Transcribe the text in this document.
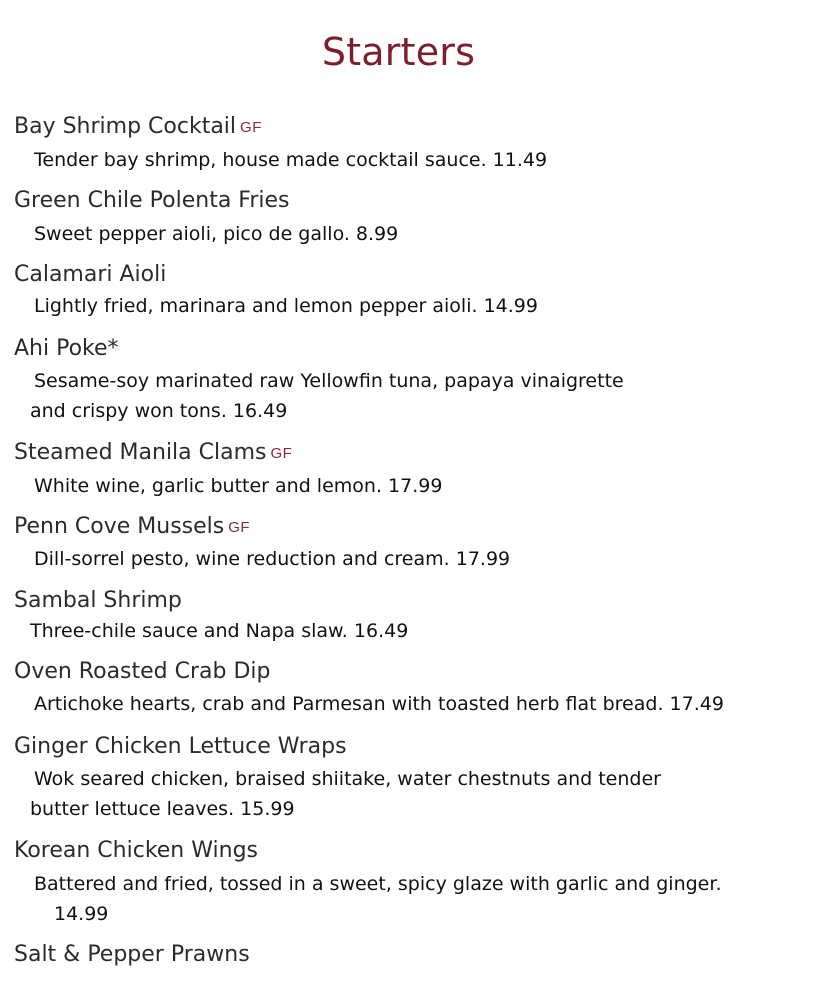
Starters
Bay Shrimp Cocktail GF
Tender bay shrimp, house made cocktail sauce. 11.49
Green Chile Polenta Fries
Sweet pepper aioli, pico de gallo. 8.99
Calamari Aioli
Lightly fried, marinara and lemon pepper aioli. 14.99
Ahi Poke*
Sesame-soy marinated raw Yellowfin tuna, papaya vinaigrette
and crispy won tons. 16.49
Steamed Manila Clams GF
White wine, garlic butter and lemon. 17.99
Penn Cove Mussels GF
Dill-sorrel pesto, wine reduction and cream. 17.99
Sambal Shrimp
Three-chile sauce and Napa slaw. 16.49
Oven Roasted Crab Dip
Artichoke hearts, crab and Parmesan with toasted herb flat bread. 17.49
Ginger Chicken Lettuce Wraps
Wok seared chicken, braised shiitake, water chestnuts and tender
butter lettuce leaves. 15.99
Korean Chicken Wings
Battered and fried, tossed in a sweet, spicy glaze with garlic and ginger.
14.99
Salt & Pepper Prawns
